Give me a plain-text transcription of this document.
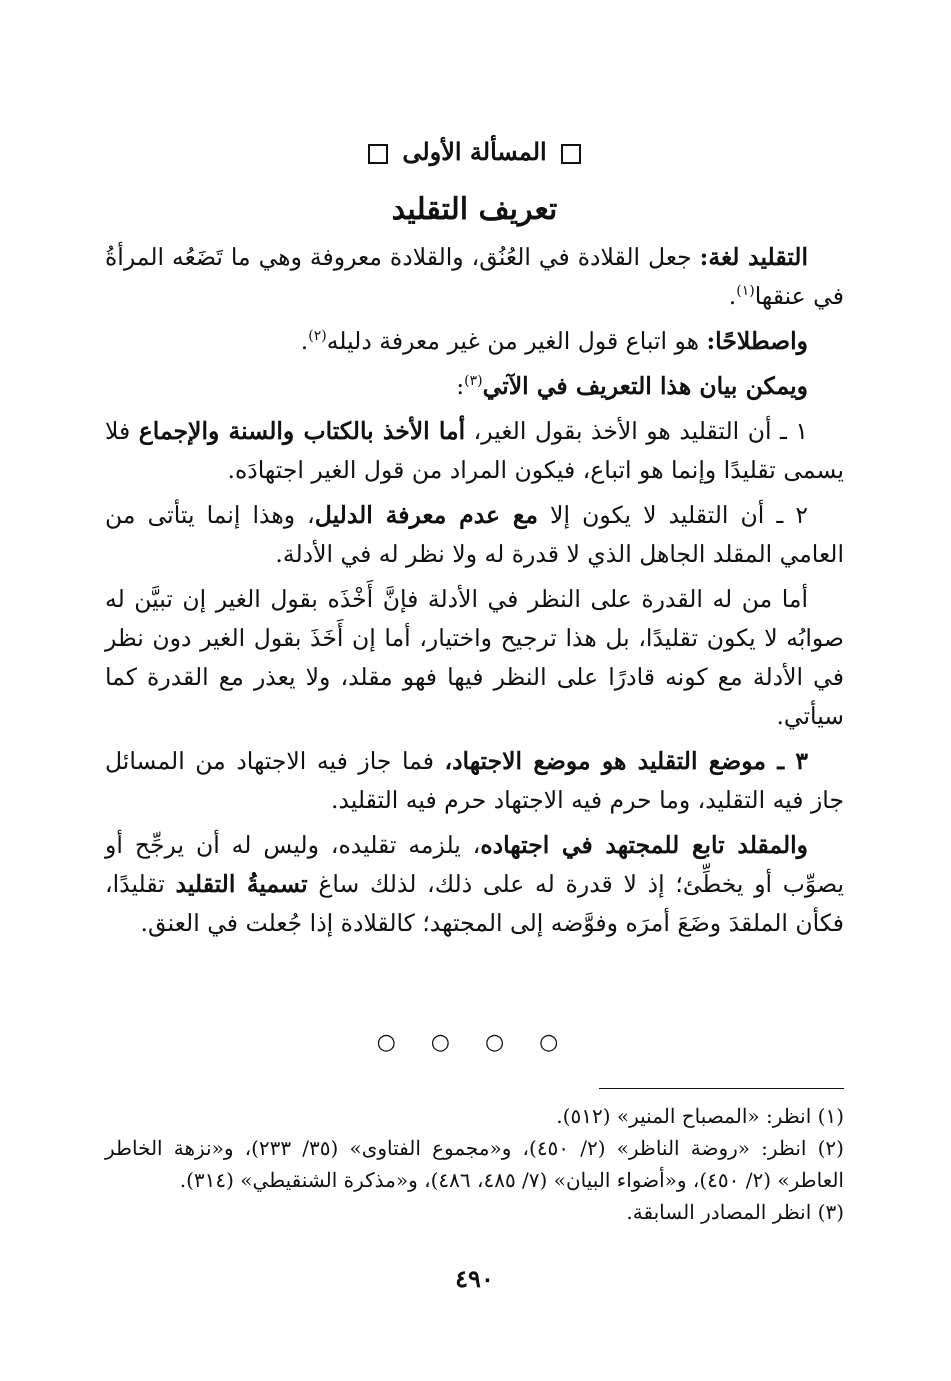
المسألة الأولى
تعريف التقليد

التقليد لغة: جعل القلادة في العُنُق، والقلادة معروفة وهي ما تَضَعُه المرأةُ في عنقها$^{(١)}$.

واصطلاحًا: هو اتباع قول الغير من غير معرفة دليله$^{(٢)}$.

ويمكن بيان هذا التعريف في الآتي$^{(٣)}$:

١ ـ أن التقليد هو الأخذ بقول الغير، أما الأخذ بالكتاب والسنة والإجماع فلا يسمى تقليدًا وإنما هو اتباع، فيكون المراد من قول الغير اجتهادَه.

٢ ـ أن التقليد لا يكون إلا مع عدم معرفة الدليل، وهذا إنما يتأتى من العامي المقلد الجاهل الذي لا قدرة له ولا نظر له في الأدلة.

أما من له القدرة على النظر في الأدلة فإنَّ أَخْذَه بقول الغير إن تبيَّن له صوابُه لا يكون تقليدًا، بل هذا ترجيح واختيار، أما إن أَخَذَ بقول الغير دون نظر في الأدلة مع كونه قادرًا على النظر فيها فهو مقلد، ولا يعذر مع القدرة كما سيأتي.

٣ ـ موضع التقليد هو موضع الاجتهاد، فما جاز فيه الاجتهاد من المسائل جاز فيه التقليد، وما حرم فيه الاجتهاد حرم فيه التقليد.

والمقلد تابع للمجتهد في اجتهاده، يلزمه تقليده، وليس له أن يرجِّح أو يصوِّب أو يخطِّئ؛ إذ لا قدرة له على ذلك، لذلك ساغ تسميةُ التقليد تقليدًا، فكأن الملقدَ وضَعَ أمرَه وفوَّضه إلى المجتهد؛ كالقلادة إذا جُعلت في العنق.

○ ○ ○ ○

(١) انظر: «المصباح المنير» (٥١٢).

(٢) انظر: «روضة الناظر» (٢/ ٤٥٠)، و«مجموع الفتاوى» (٣٥/ ٢٣٣)، و«نزهة الخاطر العاطر» (٢/ ٤٥٠)، و«أضواء البيان» (٧/ ٤٨٥، ٤٨٦)، و«مذكرة الشنقيطي» (٣١٤).

(٣) انظر المصادر السابقة.

٤٩٠
